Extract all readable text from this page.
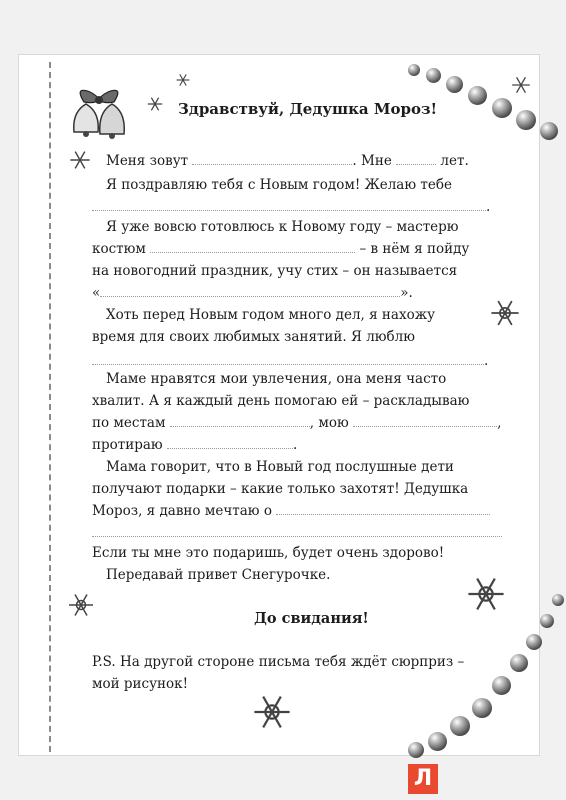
Здравствуй, Дедушка Мороз!
Меня зовут	. Мне	лет.
Я поздравляю тебя с Новым годом! Желаю тебе
.
Я уже вовсю готовлюсь к Новому году – мастерю
костюм	– в нём я пойду
на новогодний праздник, учу стих – он называется
«	».
Хоть перед Новым годом много дел, я нахожу
время для своих любимых занятий. Я люблю
.
Маме нравятся мои увлечения, она меня часто
хвалит. А я каждый день помогаю ей – раскладываю
по местам	, мою	,
протираю	.
Мама говорит, что в Новый год послушные дети
получают подарки – какие только захотят! Дедушка
Мороз, я давно мечтаю о
Если ты мне это подаришь, будет очень здорово!
Передавай привет Снегурочке.
До свидания!
P.S. На другой стороне письма тебя ждёт сюрприз –
мой рисунок!
Л
